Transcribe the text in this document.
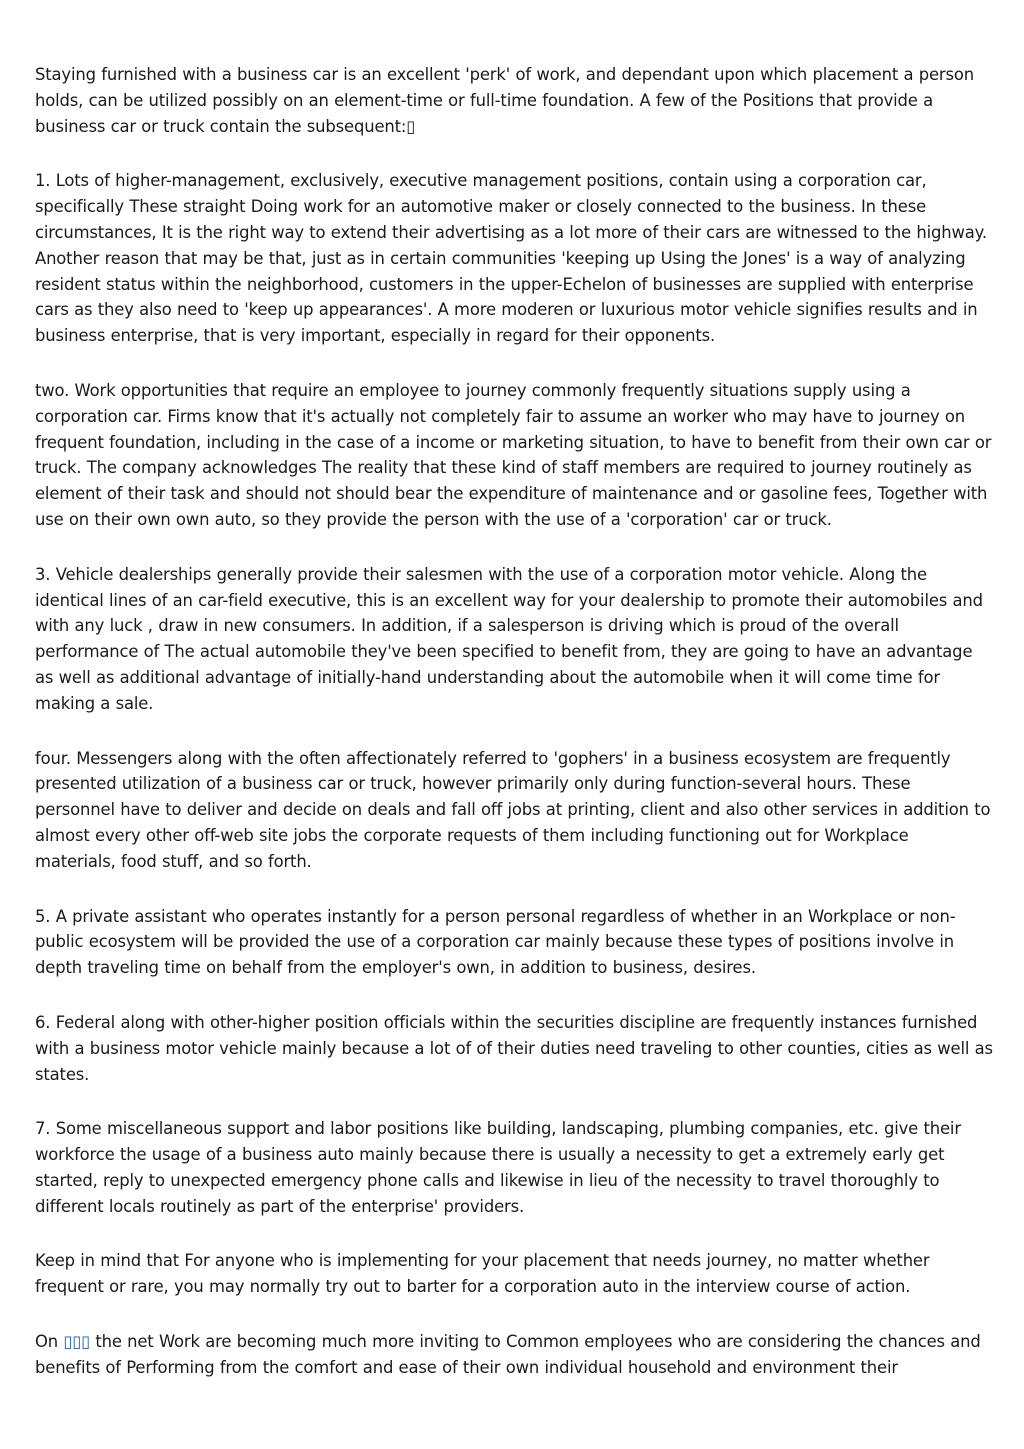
Staying furnished with a business car is an excellent 'perk' of work, and dependant upon which placement a person holds, can be utilized possibly on an element-time or full-time foundation. A few of the Positions that provide a business car or truck contain the subsequent:▯

1. Lots of higher-management, exclusively, executive management positions, contain using a corporation car, specifically These straight Doing work for an automotive maker or closely connected to the business. In these circumstances, It is the right way to extend their advertising as a lot more of their cars are witnessed to the highway. Another reason that may be that, just as in certain communities 'keeping up Using the Jones' is a way of analyzing resident status within the neighborhood, customers in the upper-Echelon of businesses are supplied with enterprise cars as they also need to 'keep up appearances'. A more moderen or luxurious motor vehicle signifies results and in business enterprise, that is very important, especially in regard for their opponents.

two. Work opportunities that require an employee to journey commonly frequently situations supply using a corporation car. Firms know that it's actually not completely fair to assume an worker who may have to journey on frequent foundation, including in the case of a income or marketing situation, to have to benefit from their own car or truck. The company acknowledges The reality that these kind of staff members are required to journey routinely as element of their task and should not should bear the expenditure of maintenance and or gasoline fees, Together with use on their own own auto, so they provide the person with the use of a 'corporation' car or truck.

3. Vehicle dealerships generally provide their salesmen with the use of a corporation motor vehicle. Along the identical lines of an car-field executive, this is an excellent way for your dealership to promote their automobiles and with any luck , draw in new consumers. In addition, if a salesperson is driving which is proud of the overall performance of The actual automobile they've been specified to benefit from, they are going to have an advantage as well as additional advantage of initially-hand understanding about the automobile when it will come time for making a sale.

four. Messengers along with the often affectionately referred to 'gophers' in a business ecosystem are frequently presented utilization of a business car or truck, however primarily only during function-several hours. These personnel have to deliver and decide on deals and fall off jobs at printing, client and also other services in addition to almost every other off-web site jobs the corporate requests of them including functioning out for Workplace materials, food stuff, and so forth.

5. A private assistant who operates instantly for a person personal regardless of whether in an Workplace or non-public ecosystem will be provided the use of a corporation car mainly because these types of positions involve in depth traveling time on behalf from the employer's own, in addition to business, desires.

6. Federal along with other-higher position officials within the securities discipline are frequently instances furnished with a business motor vehicle mainly because a lot of of their duties need traveling to other counties, cities as well as states.

7. Some miscellaneous support and labor positions like building, landscaping, plumbing companies, etc. give their workforce the usage of a business auto mainly because there is usually a necessity to get a extremely early get started, reply to unexpected emergency phone calls and likewise in lieu of the necessity to travel thoroughly to different locals routinely as part of the enterprise' providers.

Keep in mind that For anyone who is implementing for your placement that needs journey, no matter whether frequent or rare, you may normally try out to barter for a corporation auto in the interview course of action.

On ▯▯▯ the net Work are becoming much more inviting to Common employees who are considering the chances and benefits of Performing from the comfort and ease of their own individual household and environment their
